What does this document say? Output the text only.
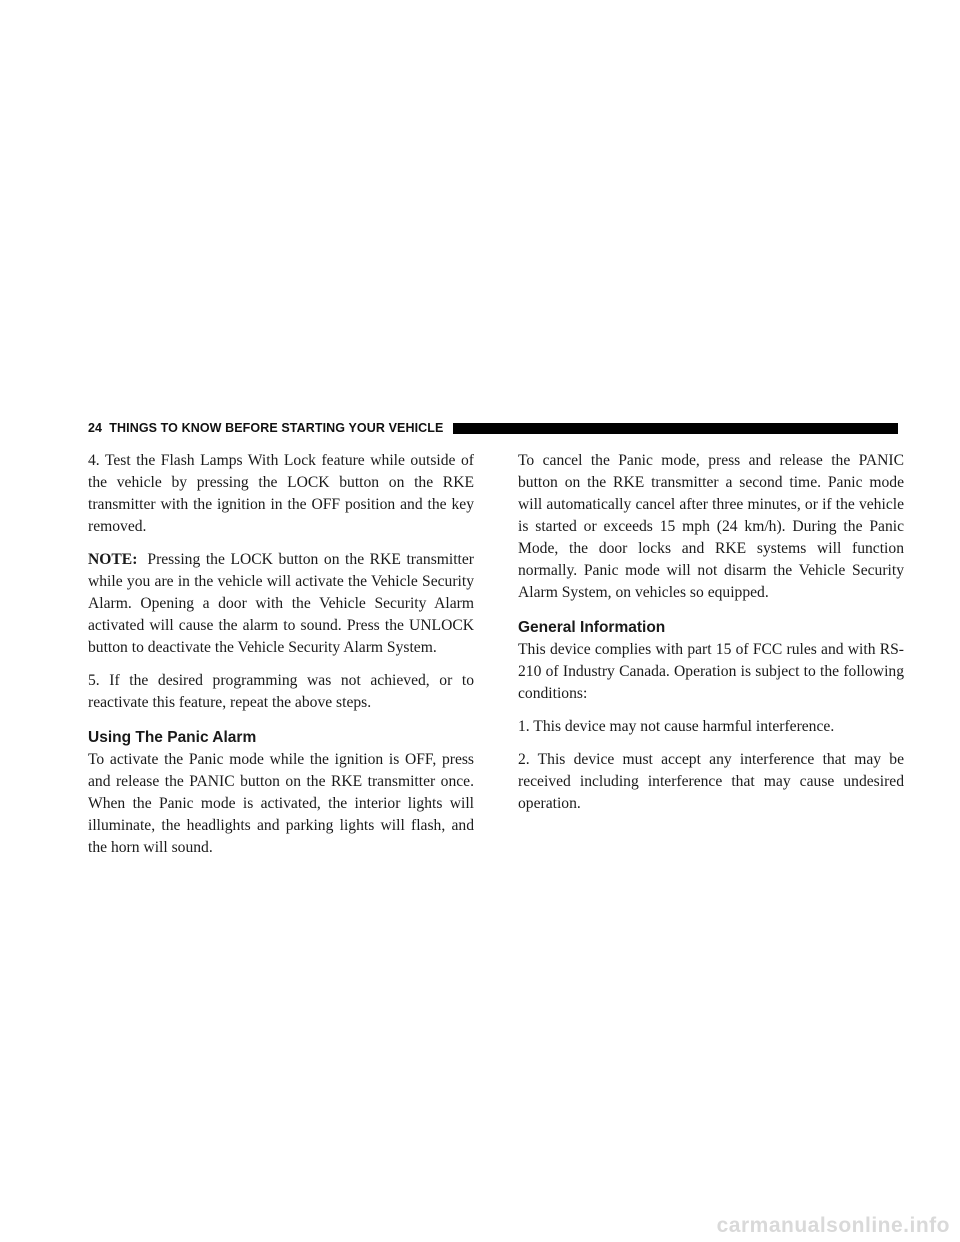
24 THINGS TO KNOW BEFORE STARTING YOUR VEHICLE

4. Test the Flash Lamps With Lock feature while outside of the vehicle by pressing the LOCK button on the RKE transmitter with the ignition in the OFF position and the key removed.

NOTE: Pressing the LOCK button on the RKE transmitter while you are in the vehicle will activate the Vehicle Security Alarm. Opening a door with the Vehicle Security Alarm activated will cause the alarm to sound. Press the UNLOCK button to deactivate the Vehicle Security Alarm System.

5. If the desired programming was not achieved, or to reactivate this feature, repeat the above steps.

Using The Panic Alarm

To activate the Panic mode while the ignition is OFF, press and release the PANIC button on the RKE transmitter once. When the Panic mode is activated, the interior lights will illuminate, the headlights and parking lights will flash, and the horn will sound.

To cancel the Panic mode, press and release the PANIC button on the RKE transmitter a second time. Panic mode will automatically cancel after three minutes, or if the vehicle is started or exceeds 15 mph (24 km/h). During the Panic Mode, the door locks and RKE systems will function normally. Panic mode will not disarm the Vehicle Security Alarm System, on vehicles so equipped.

General Information

This device complies with part 15 of FCC rules and with RS-210 of Industry Canada. Operation is subject to the following conditions:

1. This device may not cause harmful interference.

2. This device must accept any interference that may be received including interference that may cause undesired operation.

carmanualsonline.info
